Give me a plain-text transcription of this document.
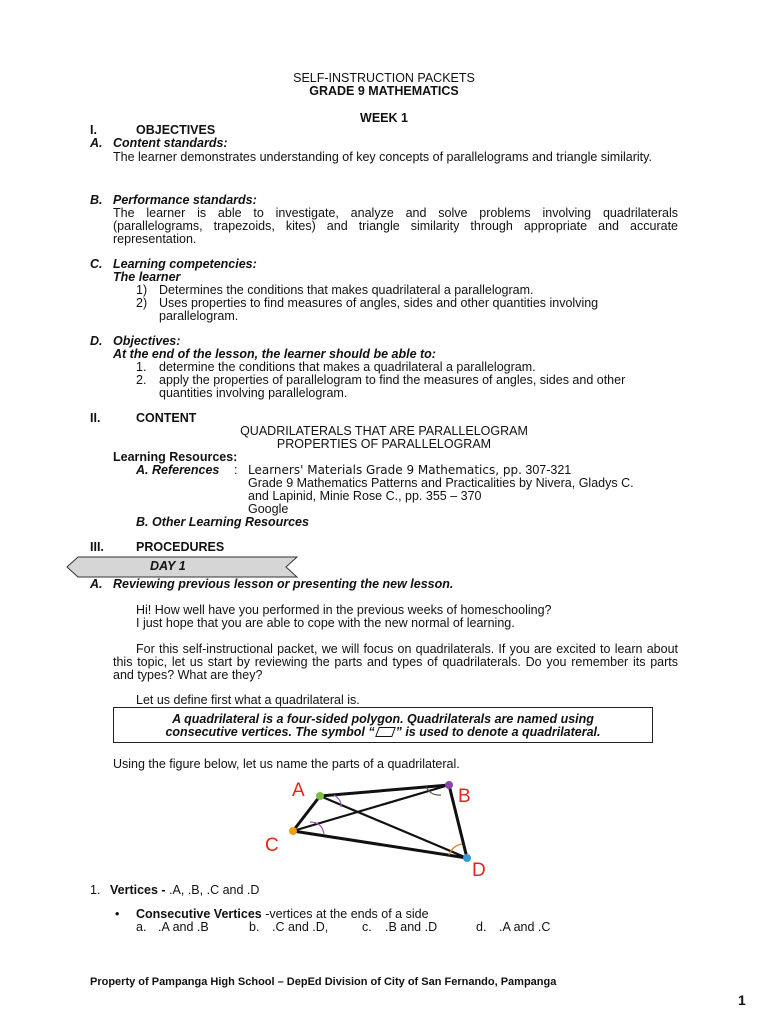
SELF-INSTRUCTION PACKETS
GRADE 9 MATHEMATICS
WEEK 1
I.	OBJECTIVES
A. Content standards:
The learner demonstrates understanding of key concepts of parallelograms and triangle similarity.
B. Performance standards:
The learner is able to investigate, analyze and solve problems involving quadrilaterals (parallelograms, trapezoids, kites) and triangle similarity through appropriate and accurate representation.
C. Learning competencies:
The learner
1) Determines the conditions that makes quadrilateral a parallelogram.
2) Uses properties to find measures of angles, sides and other quantities involving parallelogram.
D. Objectives:
At the end of the lesson, the learner should be able to:
1. determine the conditions that makes a quadrilateral a parallelogram.
2. apply the properties of parallelogram to find the measures of angles, sides and other quantities involving parallelogram.
II.	CONTENT
QUADRILATERALS THAT ARE PARALLELOGRAM
PROPERTIES OF PARALLELOGRAM
Learning Resources:
A. References : Learners' Materials Grade 9 Mathematics, pp. 307-321
Grade 9 Mathematics Patterns and Practicalities by Nivera, Gladys C.
and Lapinid, Minie Rose C., pp. 355 – 370
Google
B. Other Learning Resources
III.	PROCEDURES
DAY 1
A. Reviewing previous lesson or presenting the new lesson.
Hi! How well have you performed in the previous weeks of homeschooling?
I just hope that you are able to cope with the new normal of learning.
For this self-instructional packet, we will focus on quadrilaterals. If you are excited to learn about this topic, let us start by reviewing the parts and types of quadrilaterals. Do you remember its parts and types? What are they?
Let us define first what a quadrilateral is.
A quadrilateral is a four-sided polygon. Quadrilaterals are named using
consecutive vertices. The symbol “ ” is used to denote a quadrilateral.
Using the figure below, let us name the parts of a quadrilateral.
A	B
C
D
1. Vertices - .A, .B, .C and .D
• Consecutive Vertices -vertices at the ends of a side
a. .A and .B	b. .C and .D,	c. .B and .D	d. .A and .C
Property of Pampanga High School – DepEd Division of City of San Fernando, Pampanga
1
